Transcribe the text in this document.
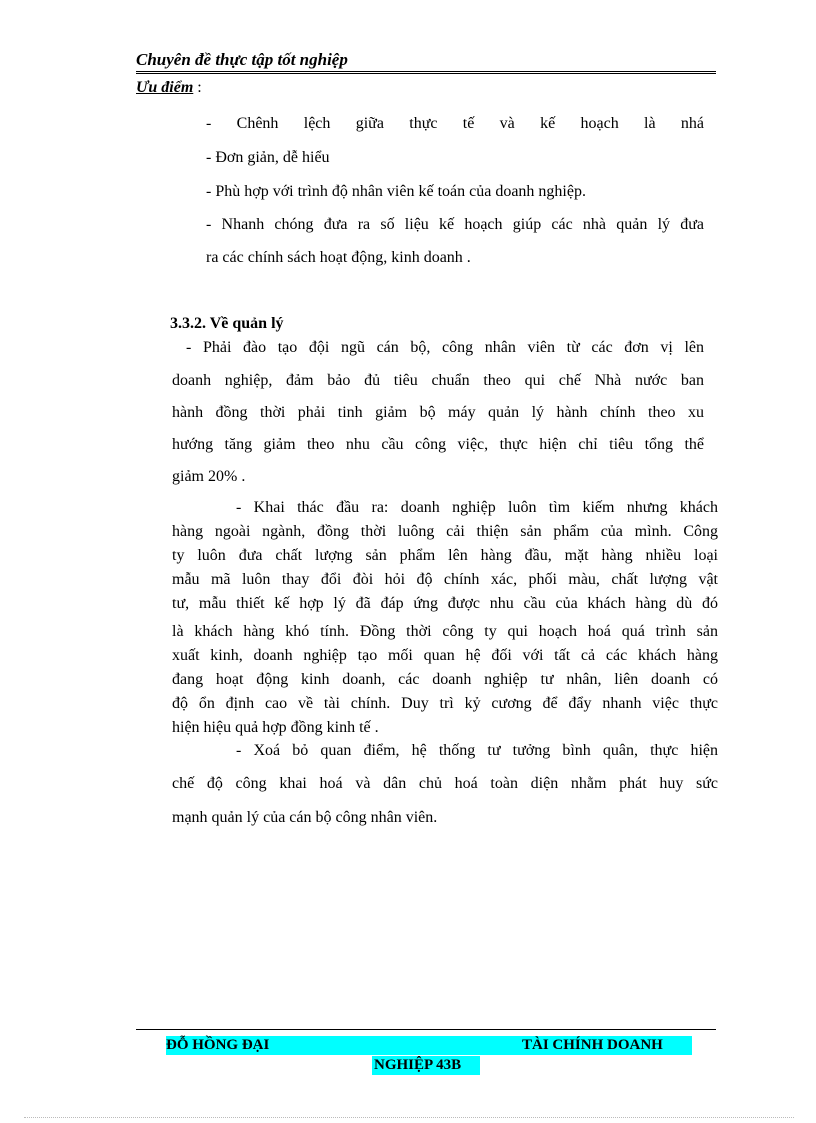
Chuyên đề thực tập tốt nghiệp
Ưu điểm :
- Chênh lệch giữa thực tế và kế hoạch là nhá
- Đơn giản, dễ hiểu
- Phù hợp với trình độ nhân viên kế toán của doanh nghiệp.
- Nhanh chóng đưa ra số liệu kế hoạch giúp các nhà quản lý đưa
ra các chính sách hoạt động, kinh doanh .
3.3.2. Về quản lý
- Phải đào tạo đội ngũ cán bộ, công nhân viên từ các đơn vị lên
doanh nghiệp, đảm bảo đủ tiêu chuẩn theo qui chế Nhà nước ban
hành đồng thời phải tinh giảm bộ máy quản lý hành chính theo xu
hướng tăng giảm theo nhu cầu công việc, thực hiện chỉ tiêu tổng thể
giảm 20% .
- Khai thác đầu ra: doanh nghiệp luôn tìm kiếm nhưng khách
hàng ngoài ngành, đồng thời luông cải thiện sản phẩm của mình. Công
ty luôn đưa chất lượng sản phẩm lên hàng đầu, mặt hàng nhiều loại
mẫu mã luôn thay đổi đòi hỏi độ chính xác, phối màu, chất lượng vật
tư, mẫu thiết kế hợp lý đã đáp ứng được nhu cầu của khách hàng dù đó
là khách hàng khó tính. Đồng thời công ty qui hoạch hoá quá trình sản
xuất kinh, doanh nghiệp tạo mối quan hệ đối với tất cả các khách hàng
đang hoạt động kinh doanh, các doanh nghiệp tư nhân, liên doanh có
độ ổn định cao về tài chính. Duy trì kỷ cương để đẩy nhanh việc thực
hiện hiệu quả hợp đồng kinh tế .
- Xoá bỏ quan điểm, hệ thống tư tưởng bình quân, thực hiện
chế độ công khai hoá và dân chủ hoá toàn diện nhằm phát huy sức
mạnh quản lý của cán bộ công nhân viên.
ĐỖ HỒNG ĐẠI	TÀI CHÍNH DOANH
NGHIỆP 43B
